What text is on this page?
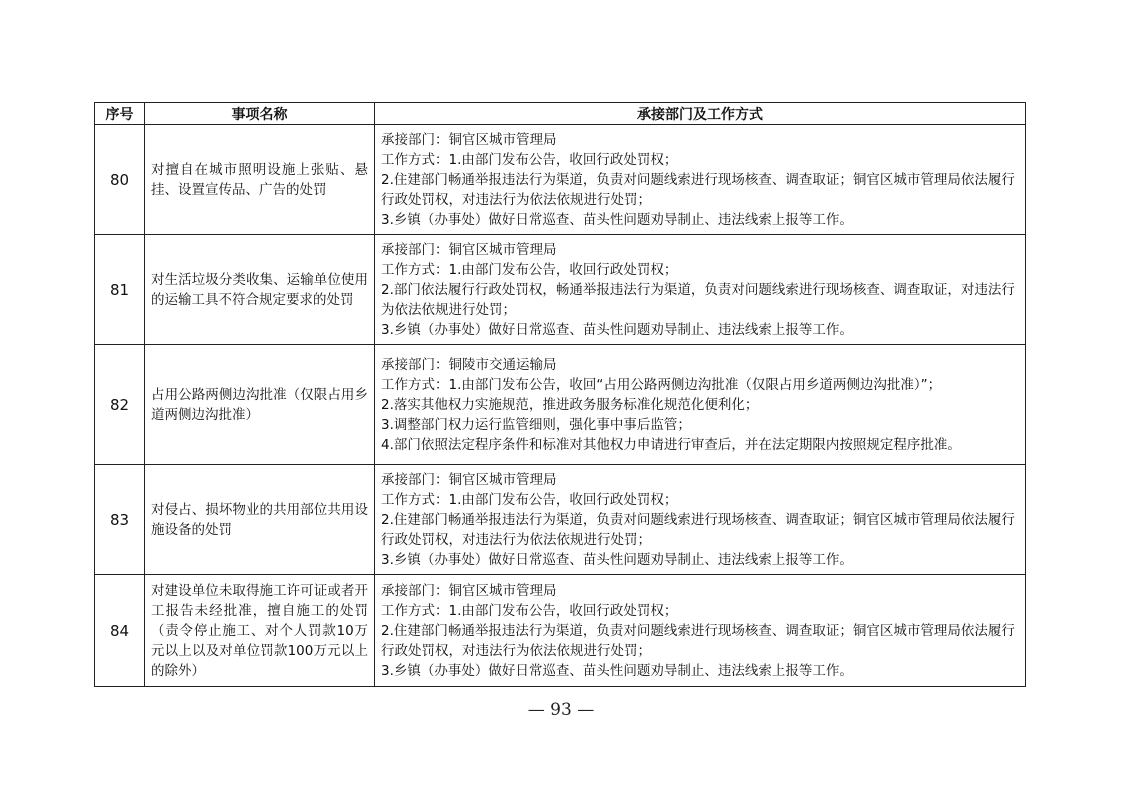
序号	事项名称	承接部门及工作方式
80	对擅自在城市照明设施上张贴、悬挂、设置宣传品、广告的处罚	承接部门：铜官区城市管理局
工作方式：1.由部门发布公告，收回行政处罚权；
2.住建部门畅通举报违法行为渠道，负责对问题线索进行现场核查、调查取证；铜官区城市管理局依法履行行政处罚权，对违法行为依法依规进行处罚；
3.乡镇（办事处）做好日常巡查、苗头性问题劝导制止、违法线索上报等工作。

81	对生活垃圾分类收集、运输单位使用的运输工具不符合规定要求的处罚	承接部门：铜官区城市管理局
工作方式：1.由部门发布公告，收回行政处罚权；
2.部门依法履行行政处罚权，畅通举报违法行为渠道，负责对问题线索进行现场核查、调查取证，对违法行为依法依规进行处罚；
3.乡镇（办事处）做好日常巡查、苗头性问题劝导制止、违法线索上报等工作。

82	占用公路两侧边沟批准（仅限占用乡道两侧边沟批准）	承接部门：铜陵市交通运输局
工作方式：1.由部门发布公告，收回“占用公路两侧边沟批准（仅限占用乡道两侧边沟批准）”；
2.落实其他权力实施规范，推进政务服务标准化规范化便利化；
3.调整部门权力运行监管细则，强化事中事后监管；
4.部门依照法定程序条件和标准对其他权力申请进行审查后，并在法定期限内按照规定程序批准。

83	对侵占、损坏物业的共用部位共用设施设备的处罚	承接部门：铜官区城市管理局
工作方式：1.由部门发布公告，收回行政处罚权；
2.住建部门畅通举报违法行为渠道，负责对问题线索进行现场核查、调查取证；铜官区城市管理局依法履行行政处罚权，对违法行为依法依规进行处罚；
3.乡镇（办事处）做好日常巡查、苗头性问题劝导制止、违法线索上报等工作。

84	对建设单位未取得施工许可证或者开工报告未经批准，擅自施工的处罚（责令停止施工、对个人罚款10万元以上以及对单位罚款100万元以上的除外）	承接部门：铜官区城市管理局
工作方式：1.由部门发布公告，收回行政处罚权；
2.住建部门畅通举报违法行为渠道，负责对问题线索进行现场核查、调查取证；铜官区城市管理局依法履行行政处罚权，对违法行为依法依规进行处罚；
3.乡镇（办事处）做好日常巡查、苗头性问题劝导制止、违法线索上报等工作。
— 93 —
